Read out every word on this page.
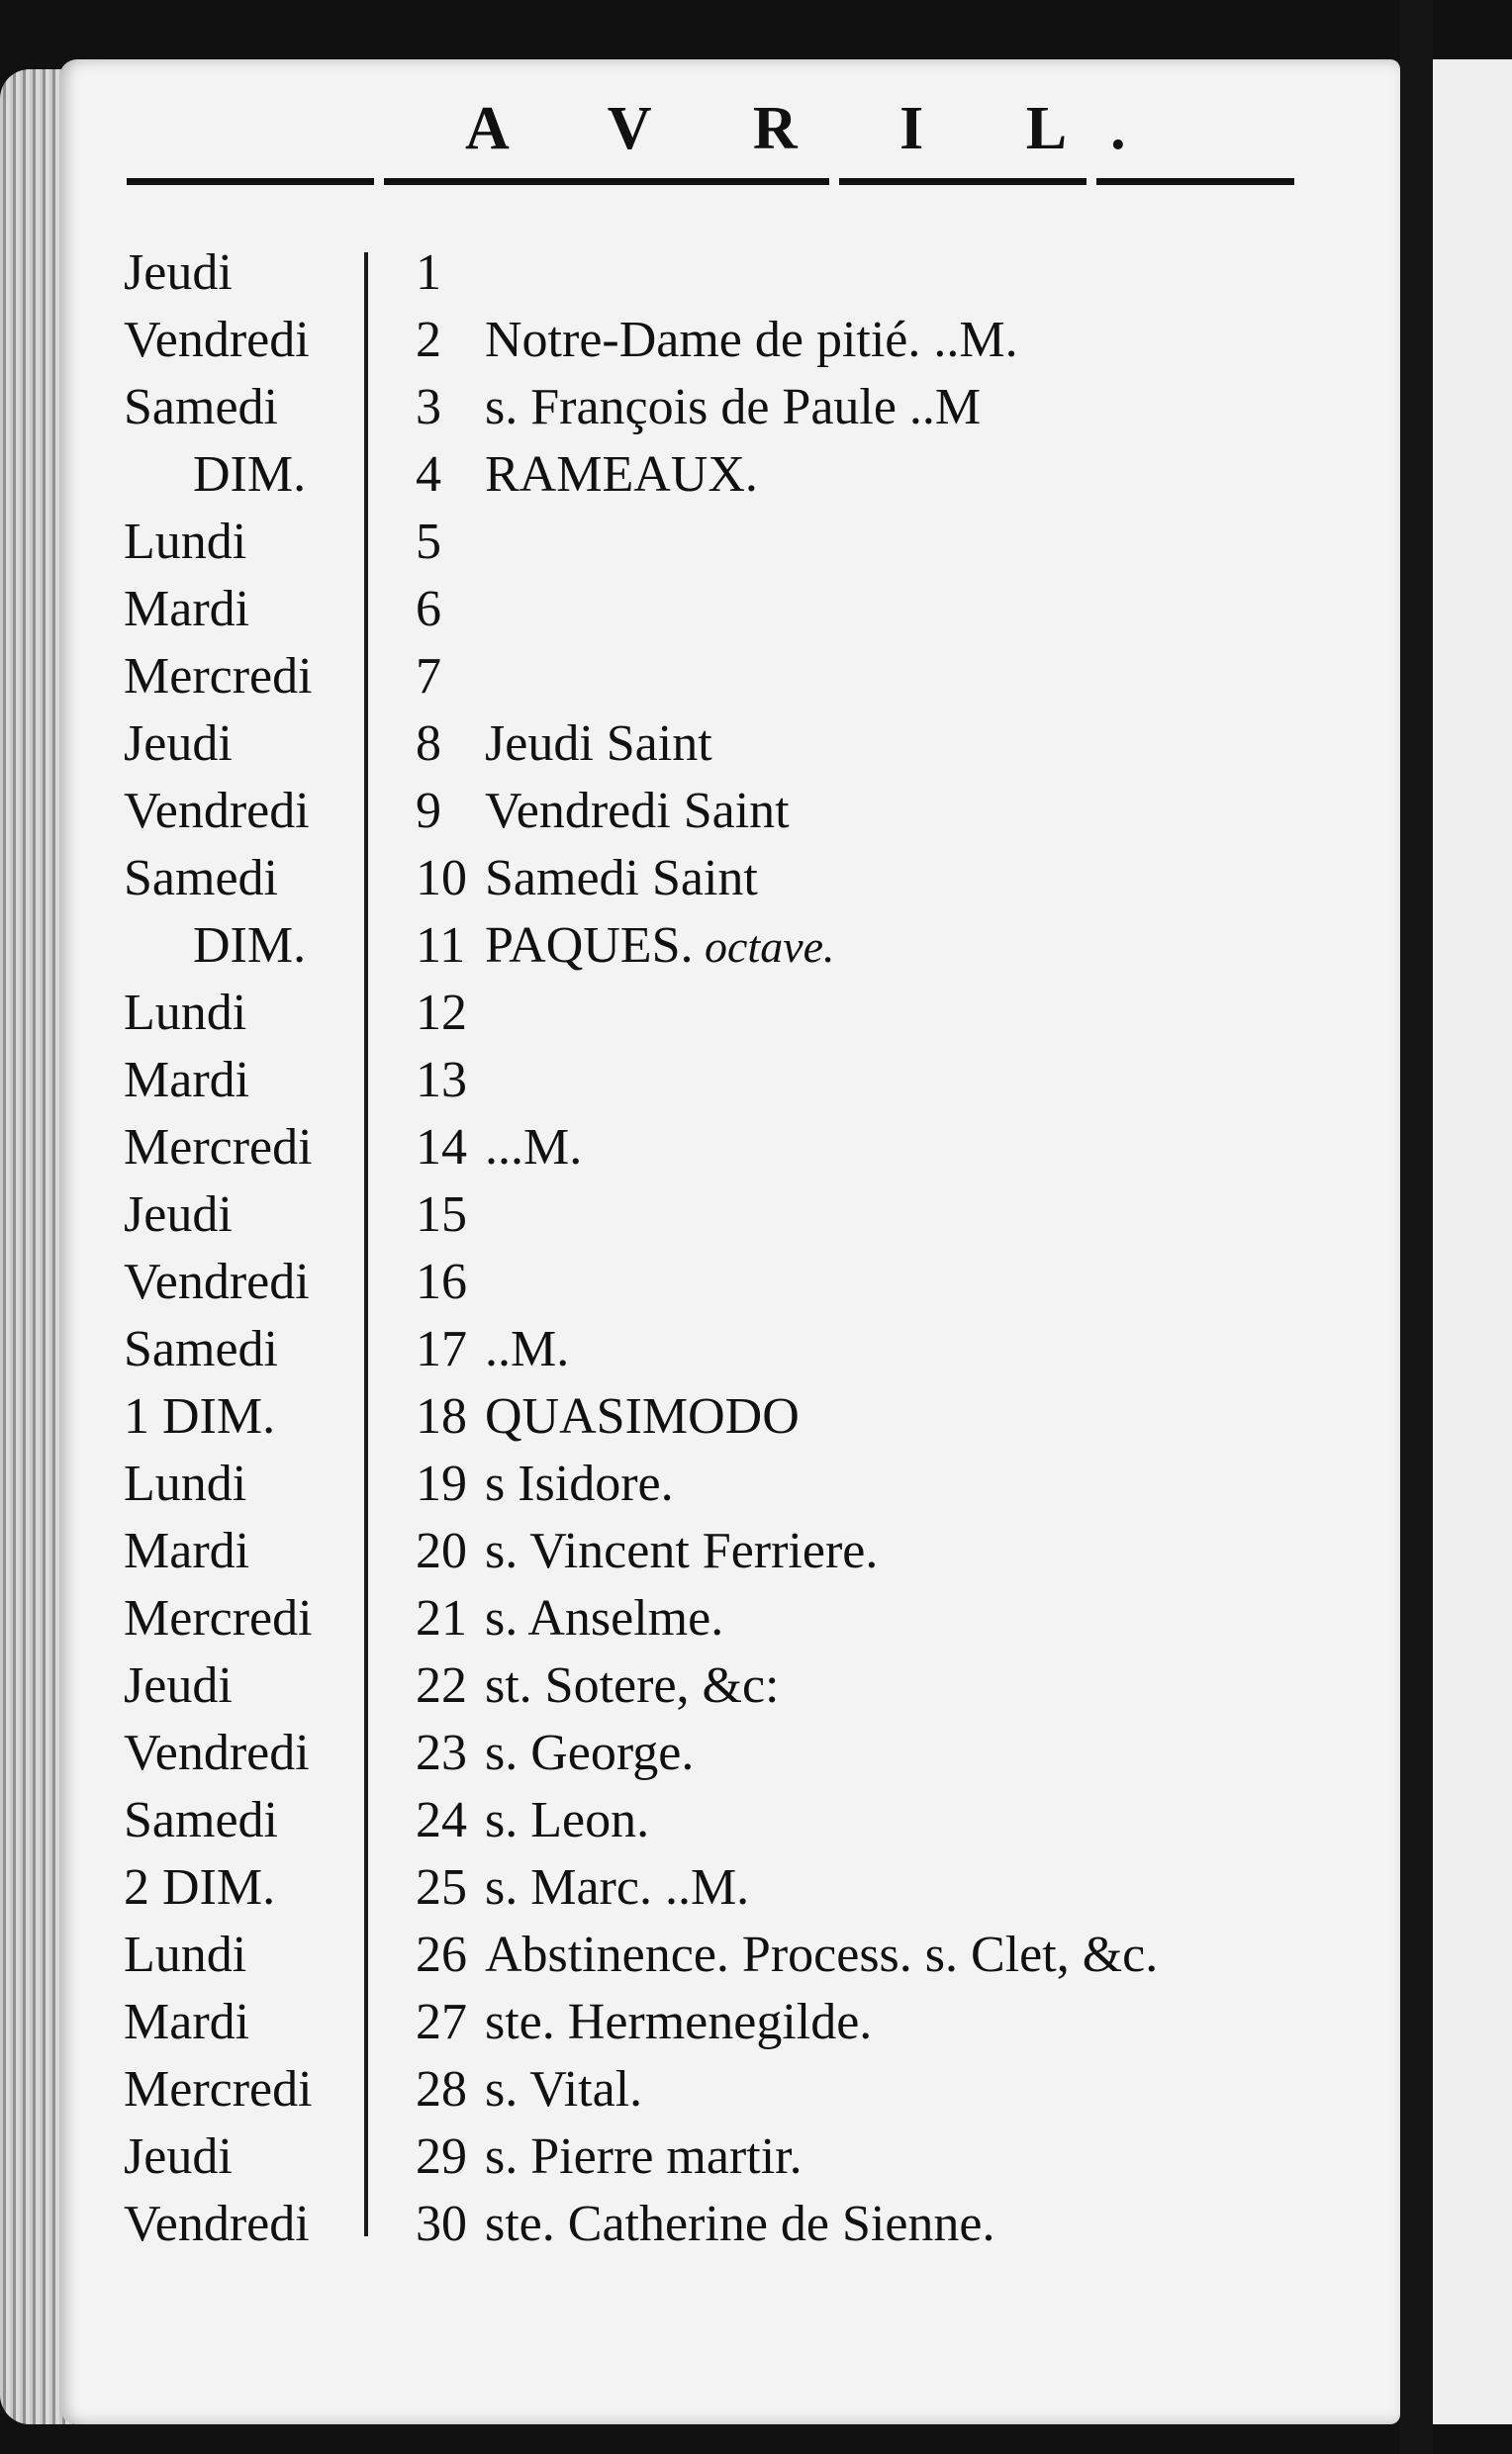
A V R I L.
Jeudi	1
Vendredi 2 Notre-Dame de pitié. ..M.
Samedi	3 s. François de Paule ..M
DIM. 4 RAMEAUX.
Lundi	5
Mardi	6
Mercredi 7
Jeudi	8 Jeudi Saint
Vendredi 9 Vendredi Saint
Samedi	10 Samedi Saint
DIM. 11 PAQUES. octave.
Lundi	12
Mardi	13
Mercredi 14 ...M.
Jeudi	15
Vendredi 16
Samedi	17 ..M.
1 DIM.	18 QUASIMODO
Lundi	19 s Isidore.
Mardi	20 s. Vincent Ferriere.
Mercredi 21 s. Anselme.
Jeudi	22 st. Sotere, &c:
Vendredi 23 s. George.
Samedi	24 s. Leon.
2 DIM.	25 s. Marc. ..M.
Lundi	26 Abstinence. Process. s. Clet, &c.
Mardi	27 ste. Hermenegilde.
Mercredi 28 s. Vital.
Jeudi	29 s. Pierre martir.
Vendredi 30 ste. Catherine de Sienne.
